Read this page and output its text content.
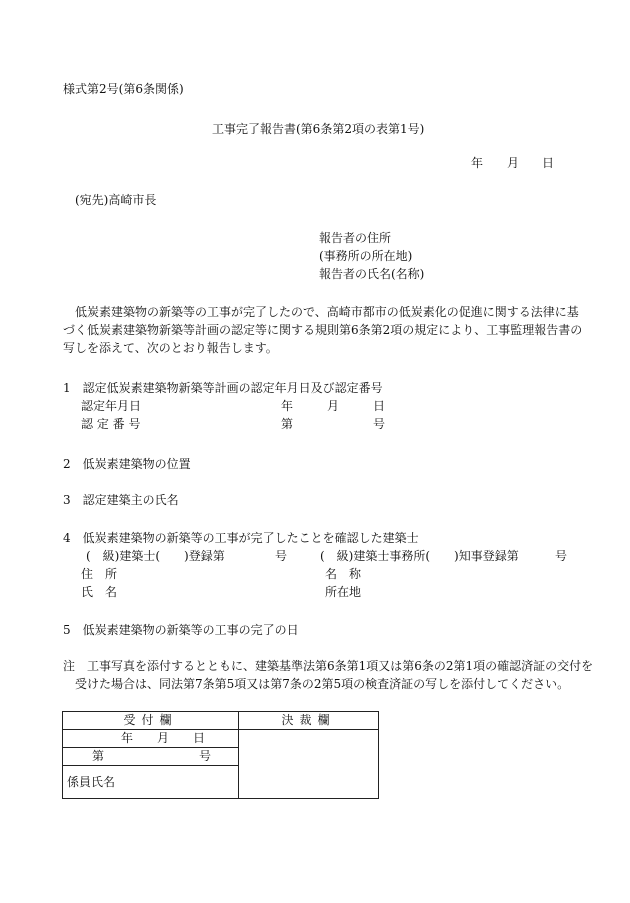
様式第2号(第6条関係)
工事完了報告書(第6条第2項の表第1号)
年 月 日
(宛先)高崎市長
報告者の住所
(事務所の所在地)
報告者の氏名(名称)
低炭素建築物の新築等の工事が完了したので、高崎市都市の低炭素化の促進に関する法律に基
づく低炭素建築物新築等計画の認定等に関する規則第6条第2項の規定により、工事監理報告書の
写しを添えて、次のとおり報告します。
1　認定低炭素建築物新築等計画の認定年月日及び認定番号
認定年月日	年	月	日
認 定 番 号	第	号
2　低炭素建築物の位置
3　認定建築主の氏名
4　低炭素建築物の新築等の工事が完了したことを確認した建築士
(　級)建築士(　　)登録第	号	(　級)建築士事務所(　　)知事登録第	号
住　所	名　称
氏　名	所在地
5　低炭素建築物の新築等の工事の完了の日
注　工事写真を添付するとともに、建築基準法第6条第1項又は第6条の2第1項の確認済証の交付を
受けた場合は、同法第7条第5項又は第7条の2第5項の検査済証の写しを添付してください。
受付欄	決裁欄
年 月 日	
第 号	
係員氏名	
